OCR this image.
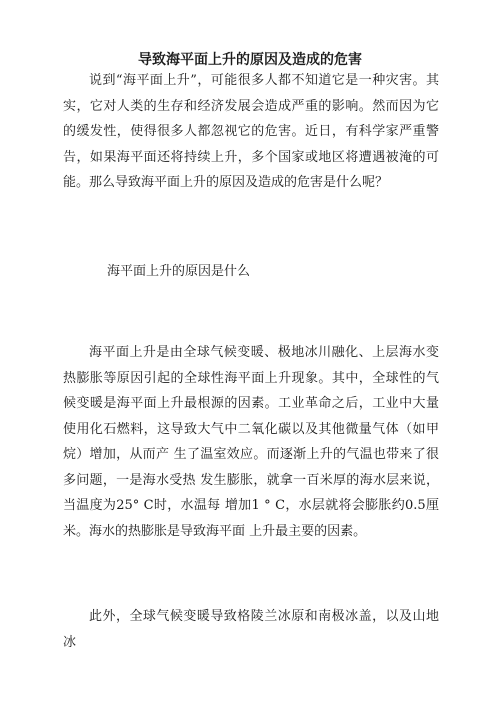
导致海平面上升的原因及造成的危害
说到“海平面上升”，可能很多人都不知道它是一种灾害。其实，它对人类的生存和经济发展会造成严重的影响。然而因为它的缓发性，使得很多人都忽视它的危害。近日，有科学家严重警告，如果海平面还将持续上升，多个国家或地区将遭遇被淹的可能。那么导致海平面上升的原因及造成的危害是什么呢？
海平面上升的原因是什么
海平面上升是由全球气候变暖、极地冰川融化、上层海水变热膨胀等原因引起的全球性海平面上升现象。其中，全球性的气候变暖是海平面上升最根源的因素。工业革命之后，工业中大量使用化石燃料，这导致大气中二氧化碳以及其他微量气体（如甲烷）增加，从而产 生了温室效应。而逐渐上升的气温也带来了很多问题，一是海水受热 发生膨胀，就拿一百米厚的海水层来说，当温度为25° C时，水温每 增加1 ° C，水层就将会膨胀约0.5厘米。海水的热膨胀是导致海平面 上升最主要的因素。
此外，全球气候变暖导致格陵兰冰原和南极冰盖，以及山地冰
